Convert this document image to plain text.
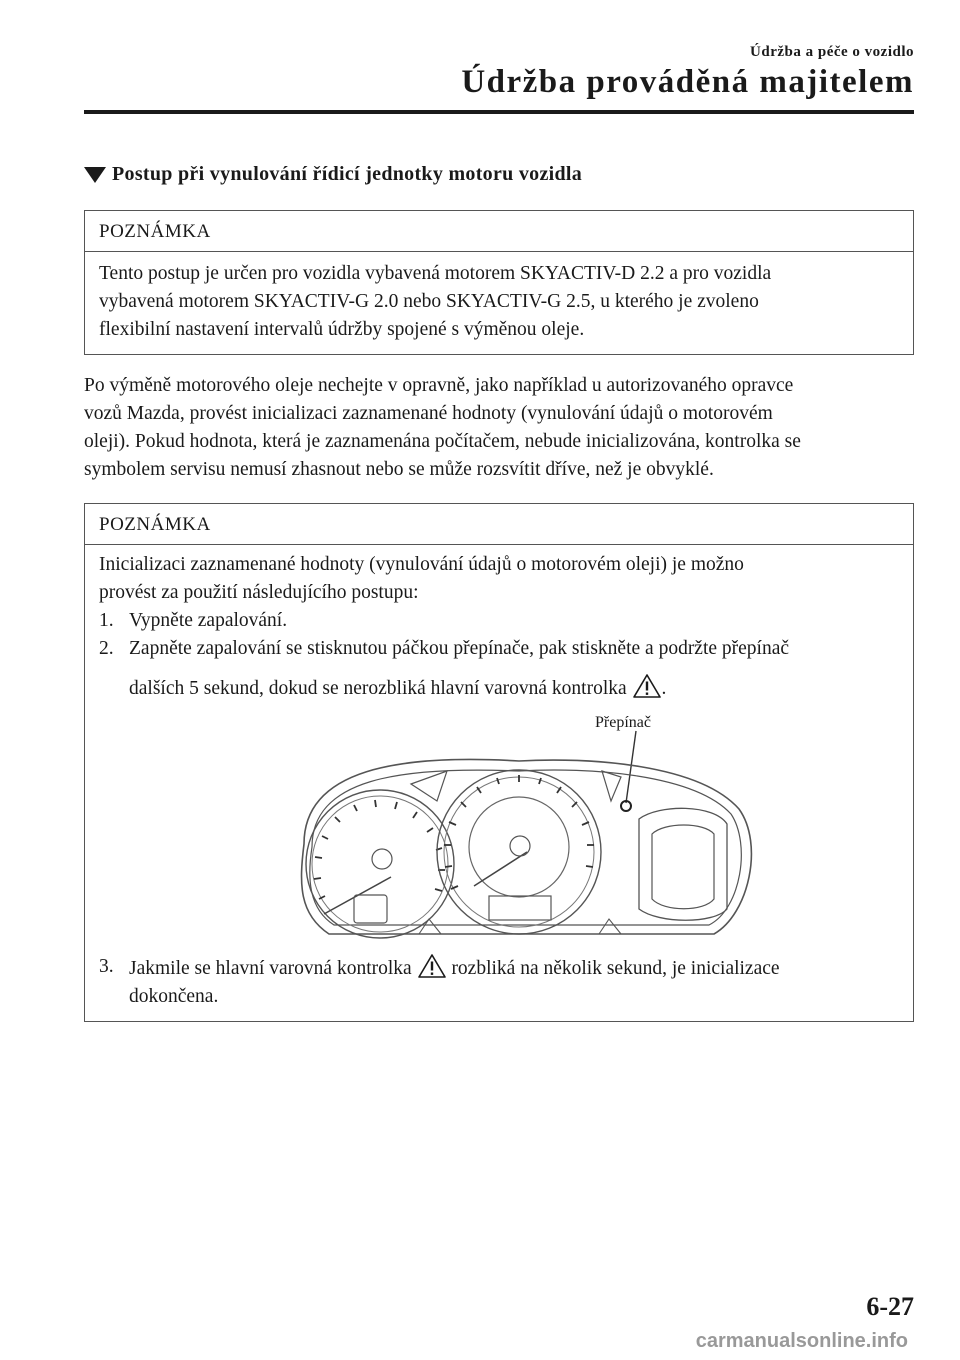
Údržba a péče o vozidlo
Údržba prováděná majitelem
Postup při vynulování řídicí jednotky motoru vozidla
POZNÁMKA
Tento postup je určen pro vozidla vybavená motorem SKYACTIV-D 2.2 a pro vozidla
vybavená motorem SKYACTIV-G 2.0 nebo SKYACTIV-G 2.5, u kterého je zvoleno
flexibilní nastavení intervalů údržby spojené s výměnou oleje.
Po výměně motorového oleje nechejte v opravně, jako například u autorizovaného opravce
vozů Mazda, provést inicializaci zaznamenané hodnoty (vynulování údajů o motorovém
oleji). Pokud hodnota, která je zaznamenána počítačem, nebude inicializována, kontrolka se
symbolem servisu nemusí zhasnout nebo se může rozsvítit dříve, než je obvyklé.
POZNÁMKA
Inicializaci zaznamenané hodnoty (vynulování údajů o motorovém oleji) je možno
provést za použití následujícího postupu:
1. Vypněte zapalování.
2. Zapněte zapalování se stisknutou páčkou přepínače, pak stiskněte a podržte přepínač
dalších 5 sekund, dokud se nerozbliká hlavní varovná kontrolka .
Přepínač
3. Jakmile se hlavní varovná kontrolka rozbliká na několik sekund, je inicializace
dokončena.
6-27
carmanualsonline.info
